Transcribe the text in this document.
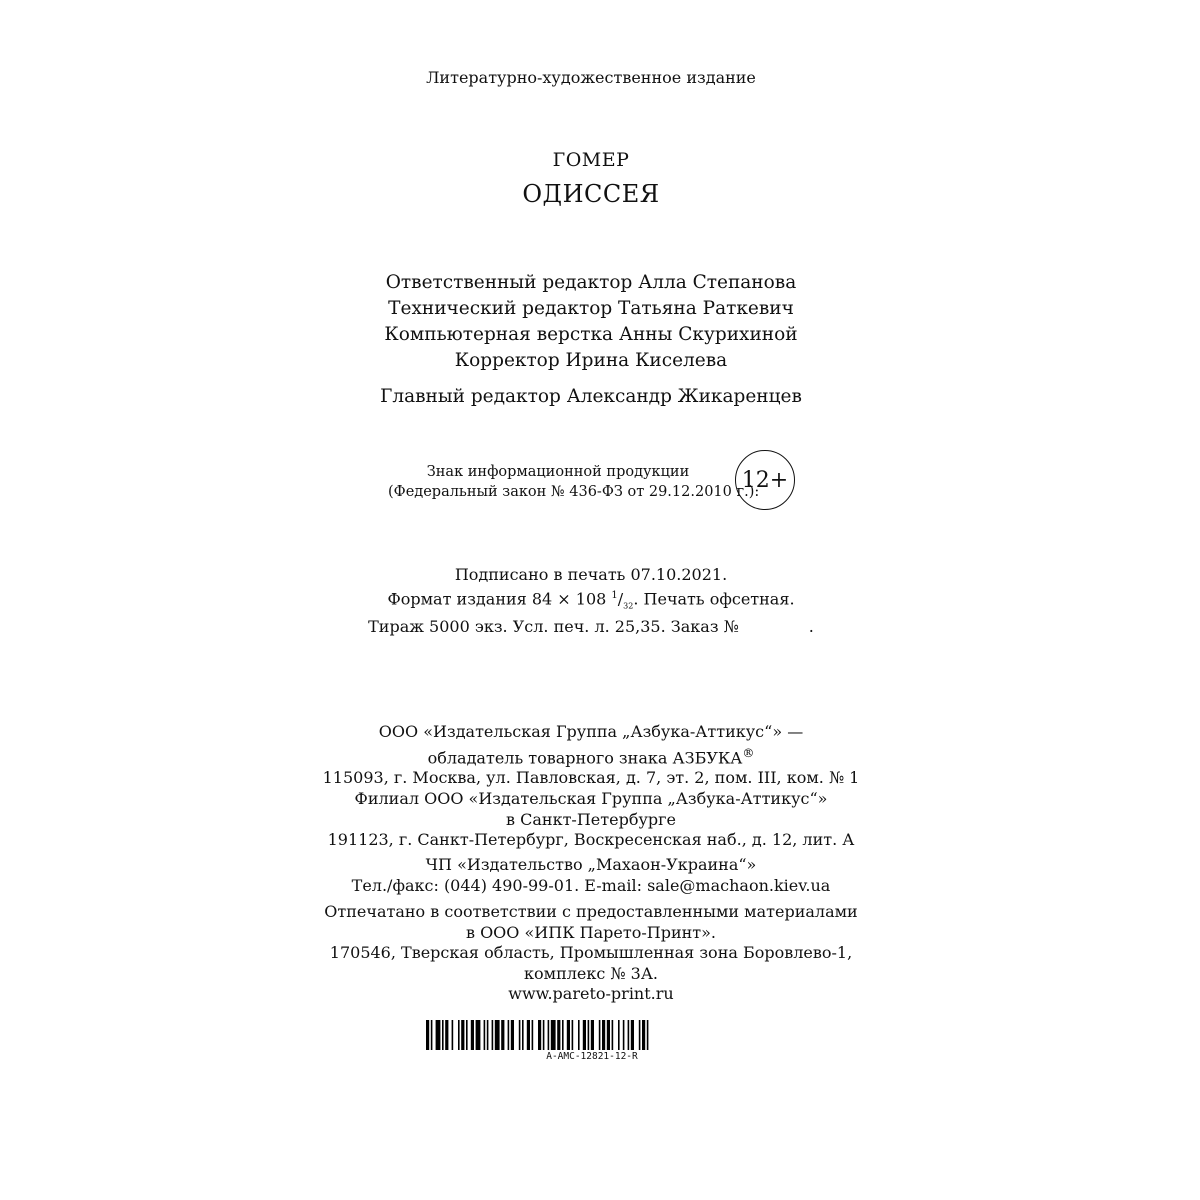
Литературно-художественное издание
ГОМЕР
ОДИССЕЯ
Ответственный редактор Алла Степанова
Технический редактор Татьяна Раткевич
Компьютерная верстка Анны Скурихиной
Корректор Ирина Киселева
Главный редактор Александр Жикаренцев
Знак информационной продукции
(Федеральный закон № 436-ФЗ от 29.12.2010 г.):
12+
Подписано в печать 07.10.2021.
Формат издания 84 × 108 $^1/_{32}$. Печать офсетная.
Тираж 5000 экз. Усл. печ. л. 25,35. Заказ №	.
ООО «Издательская Группа „Азбука-Аттикус“» —
обладатель товарного знака АЗБУКА®
115093, г. Москва, ул. Павловская, д. 7, эт. 2, пом. III, ком. № 1
Филиал ООО «Издательская Группа „Азбука-Аттикус“»
в Санкт-Петербурге
191123, г. Санкт-Петербург, Воскресенская наб., д. 12, лит. А
ЧП «Издательство „Махаон-Украина“»
Тел./факс: (044) 490-99-01. E-mail: sale@machaon.kiev.ua
Отпечатано в соответствии с предоставленными материалами
в ООО «ИПК Парето-Принт».
170546, Тверская область, Промышленная зона Боровлево-1,
комплекс № 3А.
www.pareto-print.ru
A-AMC-12821-12-R
